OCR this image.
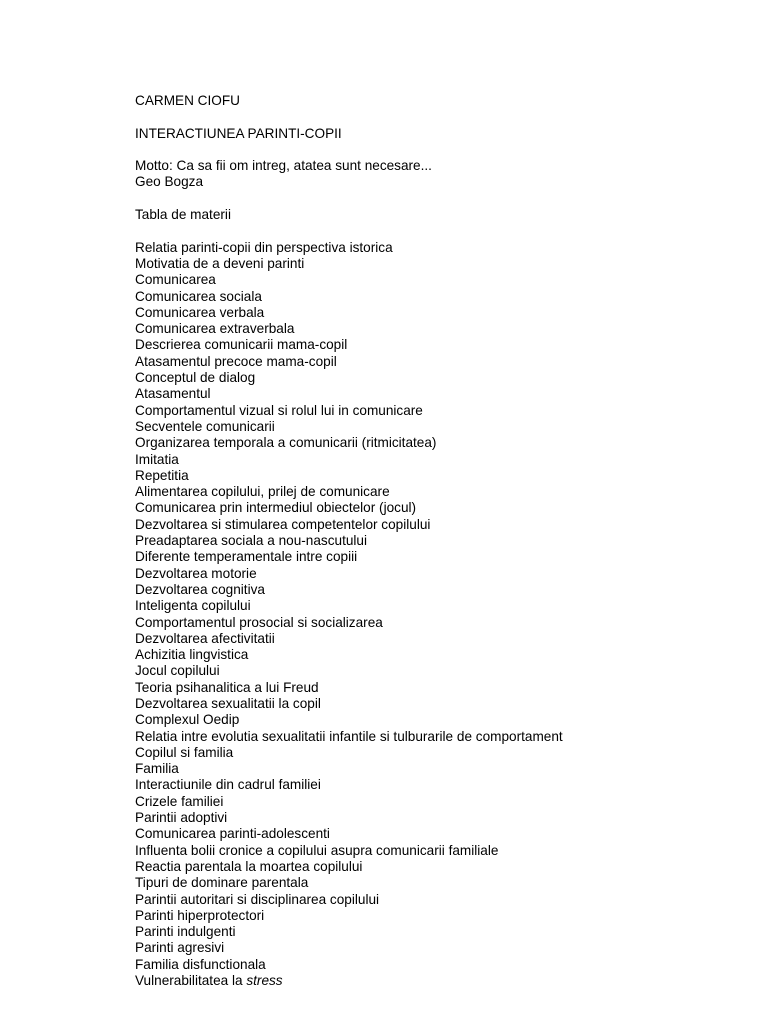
CARMEN CIOFU
INTERACTIUNEA PARINTI-COPII
Motto: Ca sa fii om intreg, atatea sunt necesare...
Geo Bogza
Tabla de materii
Relatia parinti-copii din perspectiva istorica
Motivatia de a deveni parinti
Comunicarea
Comunicarea sociala
Comunicarea verbala
Comunicarea extraverbala
Descrierea comunicarii mama-copil
Atasamentul precoce mama-copil
Conceptul de dialog
Atasamentul
Comportamentul vizual si rolul lui in comunicare
Secventele comunicarii
Organizarea temporala a comunicarii (ritmicitatea)
Imitatia
Repetitia
Alimentarea copilului, prilej de comunicare
Comunicarea prin intermediul obiectelor (jocul)
Dezvoltarea si stimularea competentelor copilului
Preadaptarea sociala a nou-nascutului
Diferente temperamentale intre copiii
Dezvoltarea motorie
Dezvoltarea cognitiva
Inteligenta copilului
Comportamentul prosocial si socializarea
Dezvoltarea afectivitatii
Achizitia lingvistica
Jocul copilului
Teoria psihanalitica a lui Freud
Dezvoltarea sexualitatii la copil
Complexul Oedip
Relatia intre evolutia sexualitatii infantile si tulburarile de comportament
Copilul si familia
Familia
Interactiunile din cadrul familiei
Crizele familiei
Parintii adoptivi
Comunicarea parinti-adolescenti
Influenta bolii cronice a copilului asupra comunicarii familiale
Reactia parentala la moartea copilului
Tipuri de dominare parentala
Parintii autoritari si disciplinarea copilului
Parinti hiperprotectori
Parinti indulgenti
Parinti agresivi
Familia disfunctionala
Vulnerabilitatea la stress
